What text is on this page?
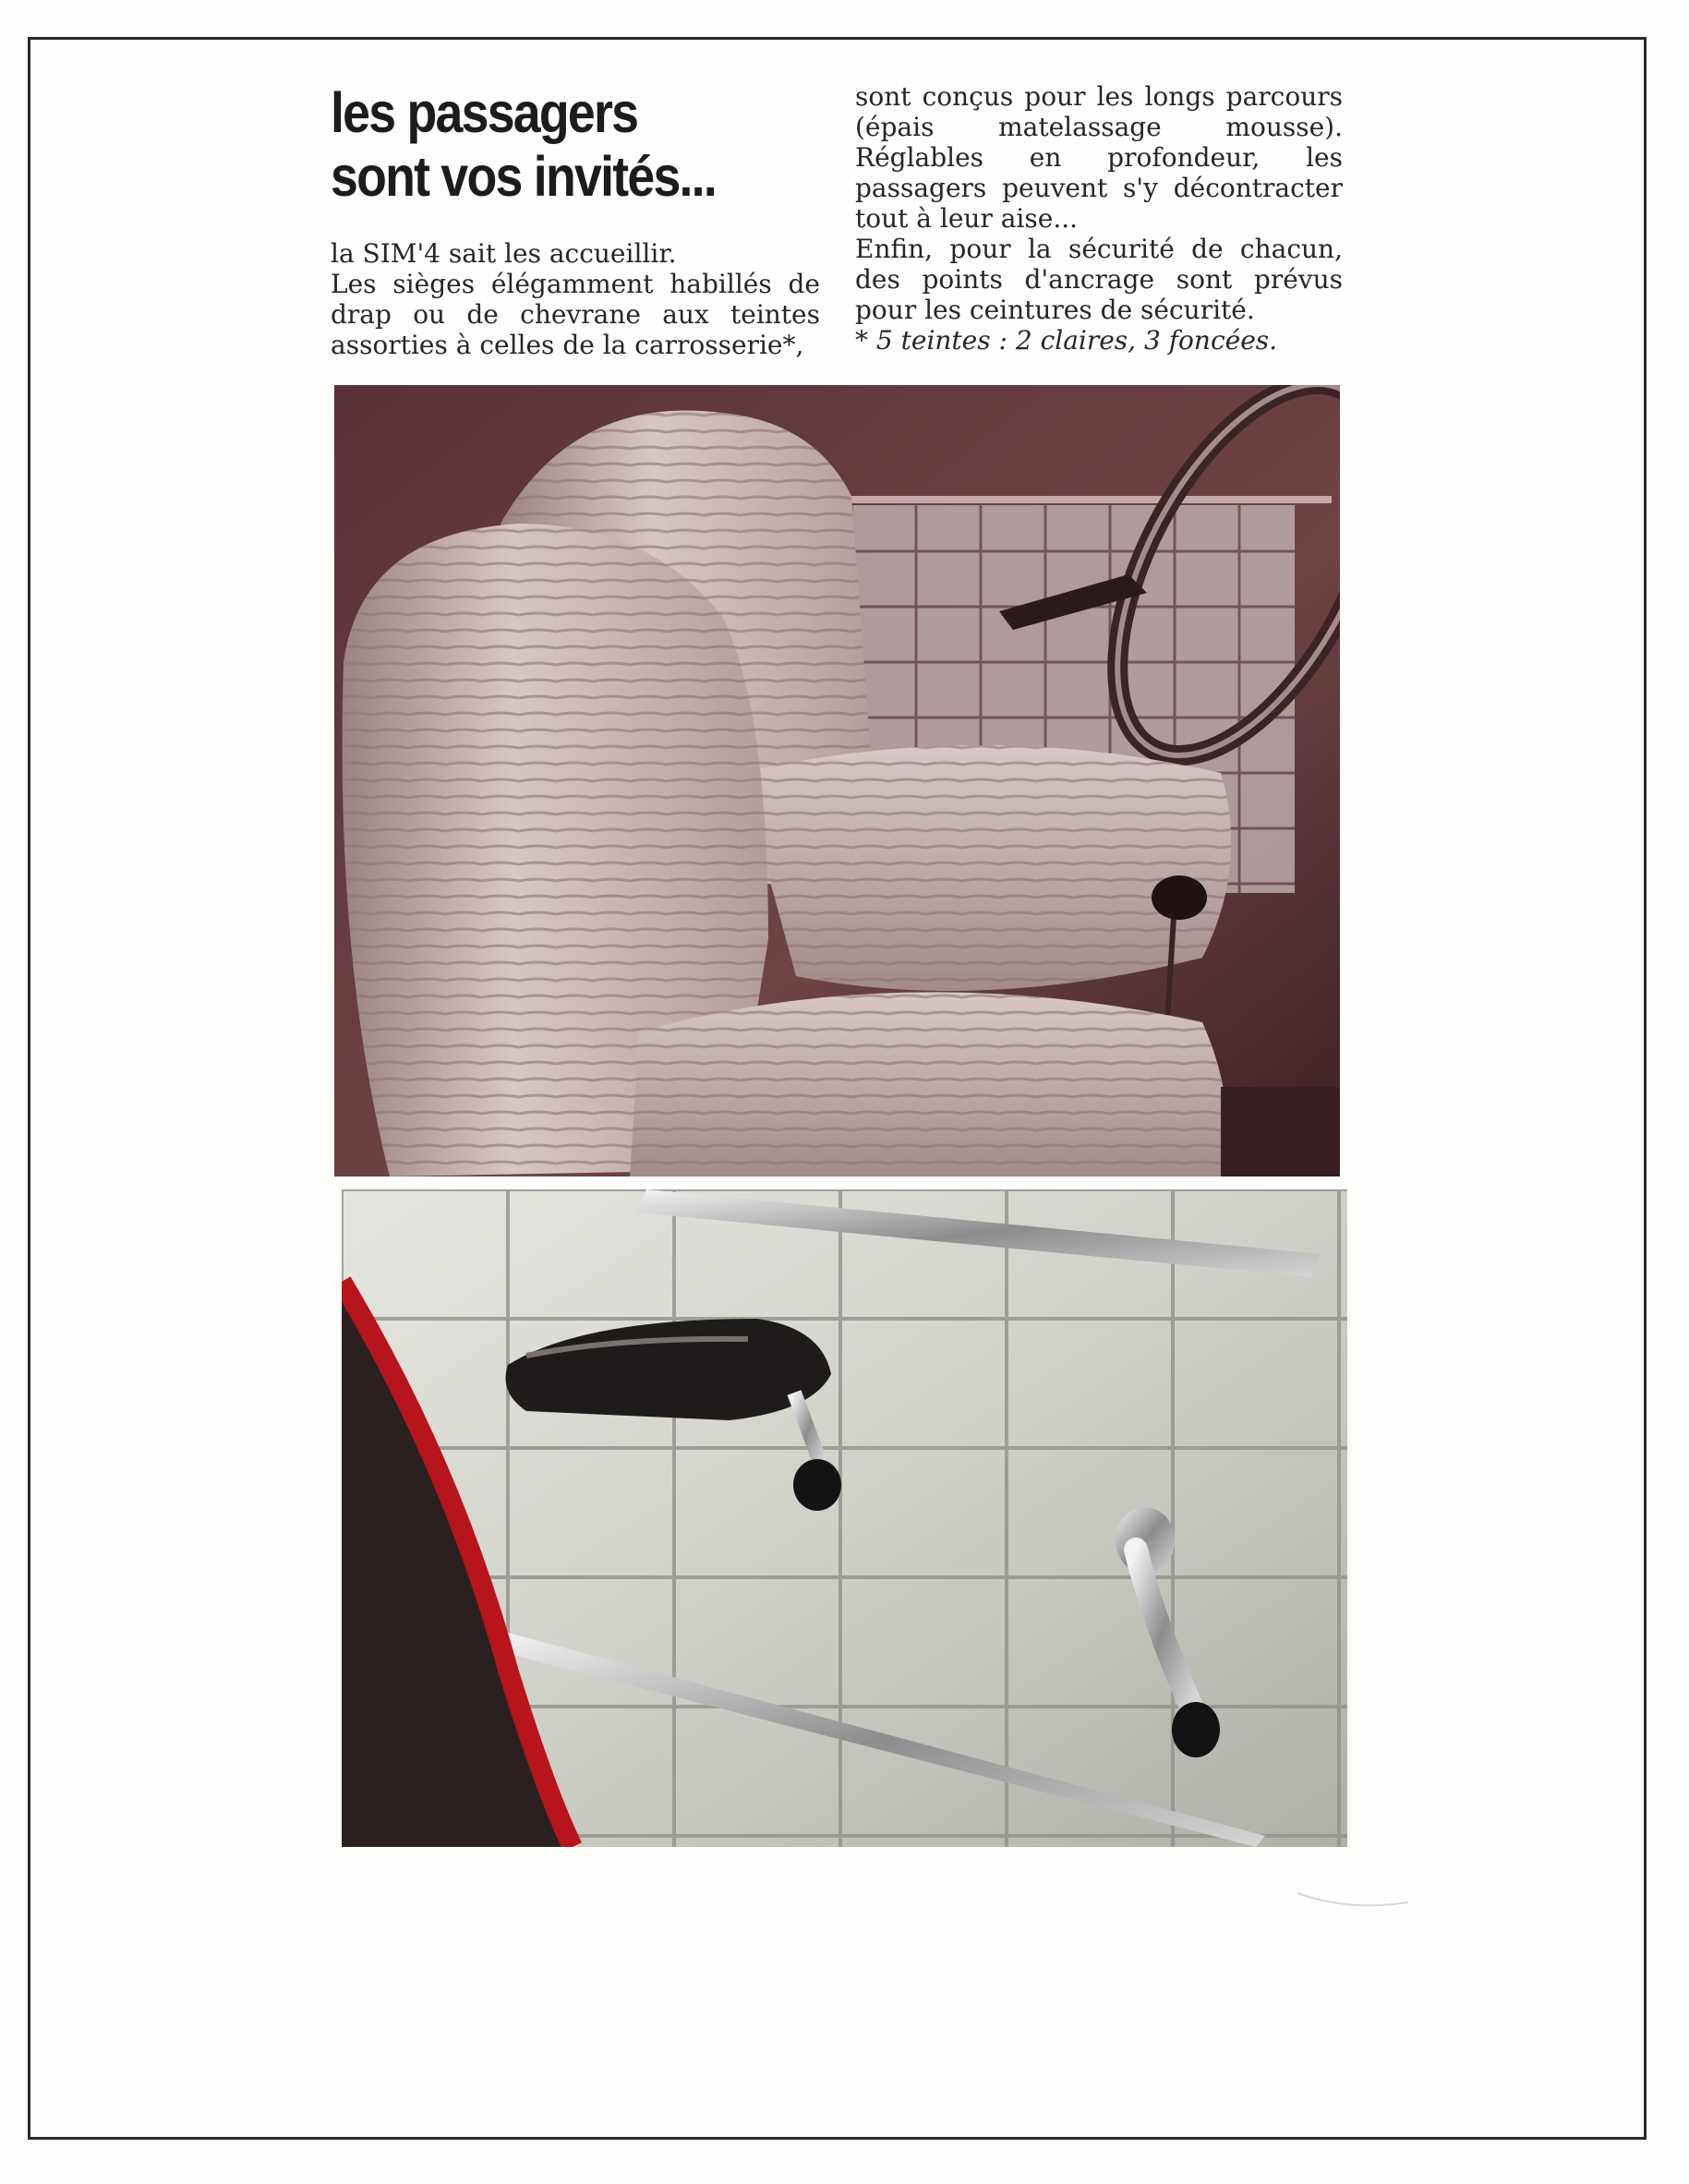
les passagers
sont vos invités...

la SIM'4 sait les accueillir.

Les sièges élégamment habillés de drap ou de chevrane aux teintes assorties à celles de la carrosserie*,

sont conçus pour les longs parcours (épais matelassage mousse). Réglables en profondeur, les passagers peuvent s'y décontracter tout à leur aise...

Enfin, pour la sécurité de chacun, des points d'ancrage sont prévus pour les ceintures de sécurité.

* 5 teintes : 2 claires, 3 foncées.
